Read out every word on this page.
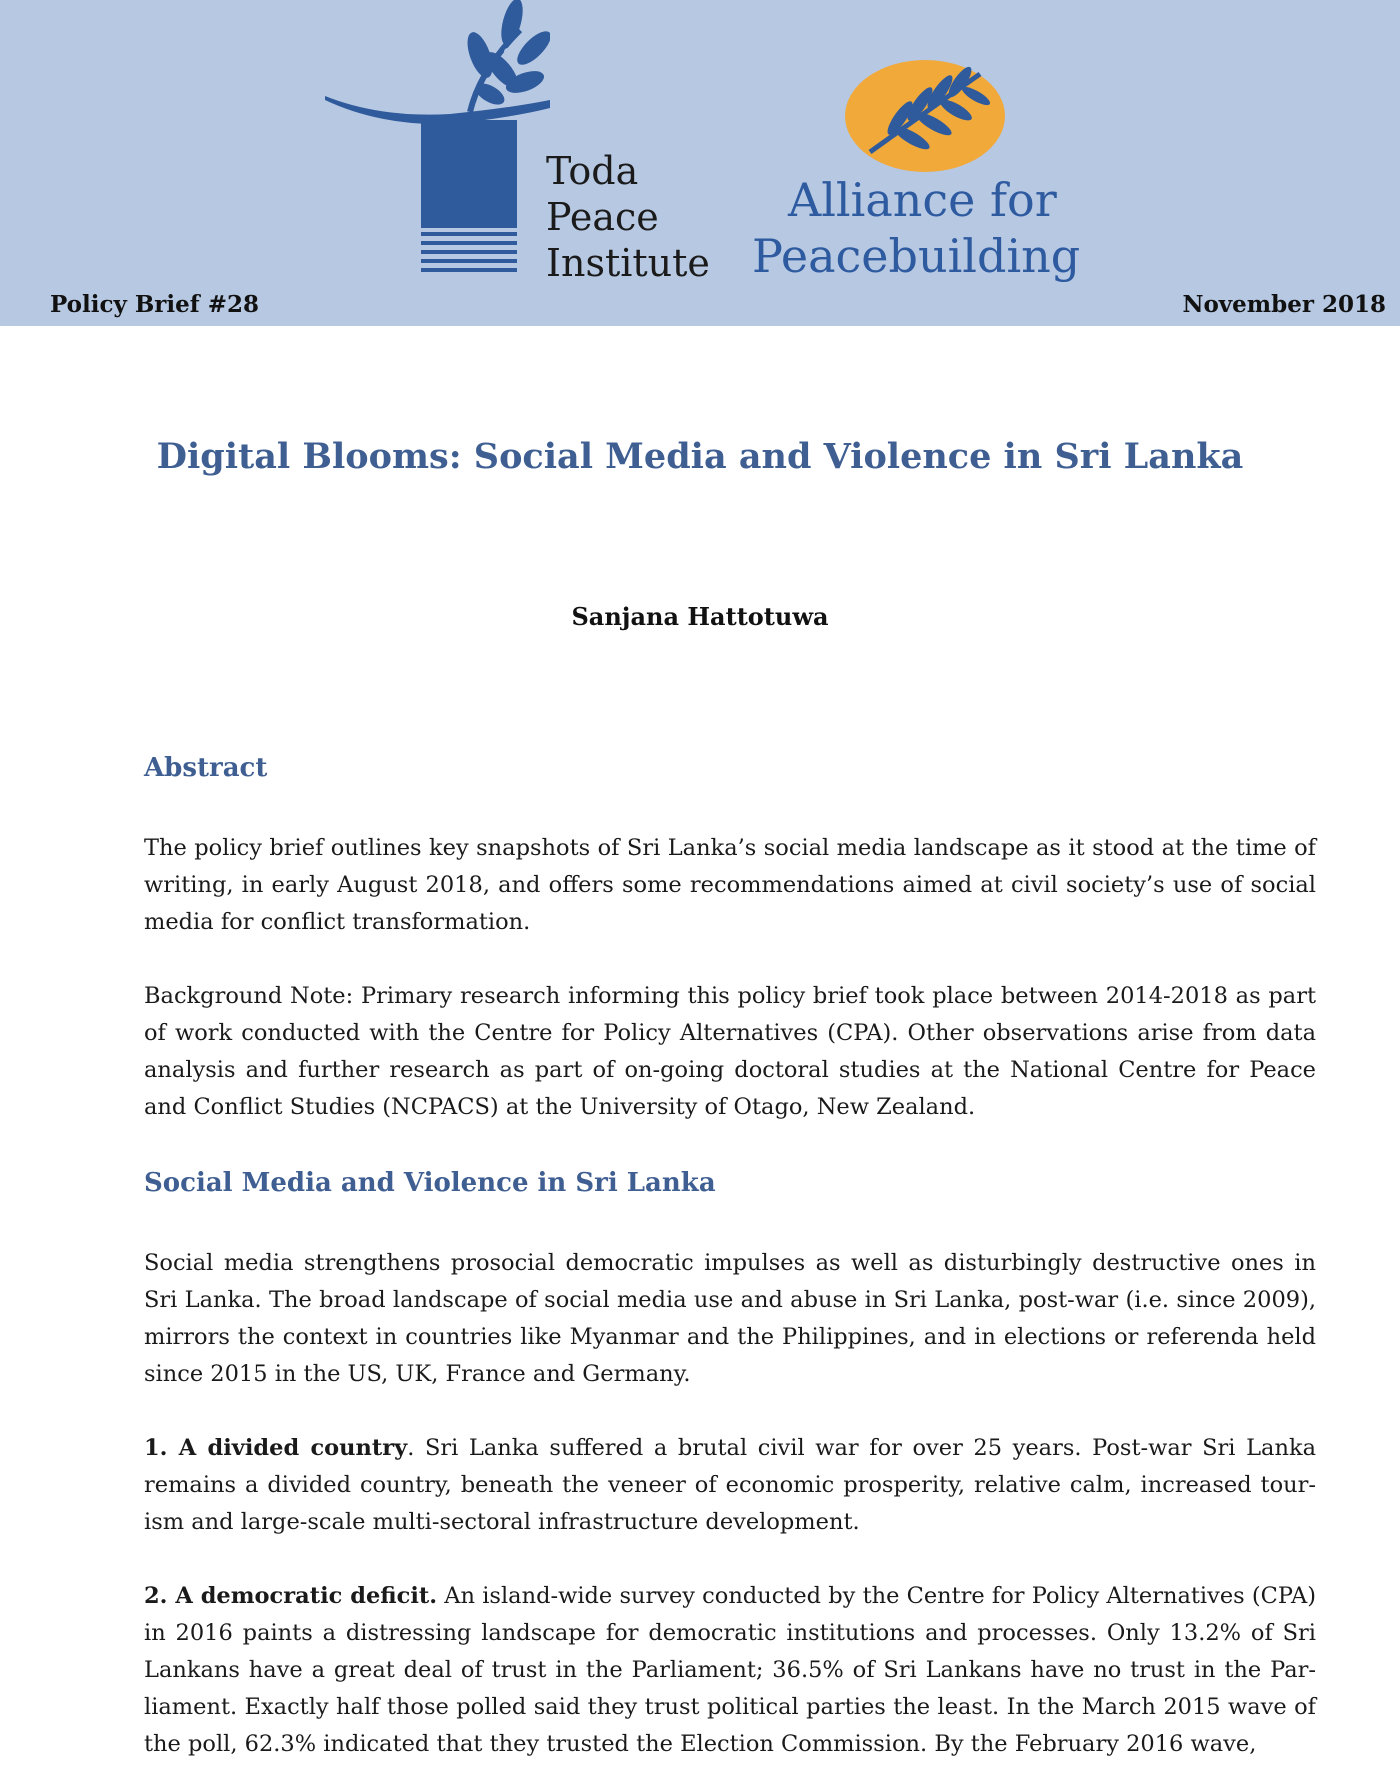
Toda
Peace
Institute
Alliance for
Peacebuilding
Policy Brief #28	November 2018
Digital Blooms: Social Media and Violence in Sri Lanka
Sanjana Hattotuwa
Abstract

The policy brief outlines key snapshots of Sri Lanka’s social media landscape as it stood at the time of writing, in early August 2018, and offers some recommendations aimed at civil society’s use of social media for conflict transformation.

Background Note: Primary research informing this policy brief took place between 2014-2018 as part of work conducted with the Centre for Policy Alternatives (CPA). Other observations arise from data analysis and further research as part of on-going doctoral studies at the National Centre for Peace and Conflict Studies (NCPACS) at the University of Otago, New Zealand.

Social Media and Violence in Sri Lanka

Social media strengthens prosocial democratic impulses as well as disturbingly destructive ones in Sri Lanka. The broad landscape of social media use and abuse in Sri Lanka, post-war (i.e. since 2009), mirrors the context in countries like Myanmar and the Philippines, and in elections or referenda held since 2015 in the US, UK, France and Germany.

1. A divided country. Sri Lanka suffered a brutal civil war for over 25 years. Post-war Sri Lanka remains a divided country, beneath the veneer of economic prosperity, relative calm, increased tour-ism and large-scale multi-sectoral infrastructure development.

2. A democratic deficit. An island-wide survey conducted by the Centre for Policy Alternatives (CPA) in 2016 paints a distressing landscape for democratic institutions and processes. Only 13.2% of Sri Lankans have a great deal of trust in the Parliament; 36.5% of Sri Lankans have no trust in the Par-liament. Exactly half those polled said they trust political parties the least. In the March 2015 wave of the poll, 62.3% indicated that they trusted the Election Commission. By the February 2016 wave,
